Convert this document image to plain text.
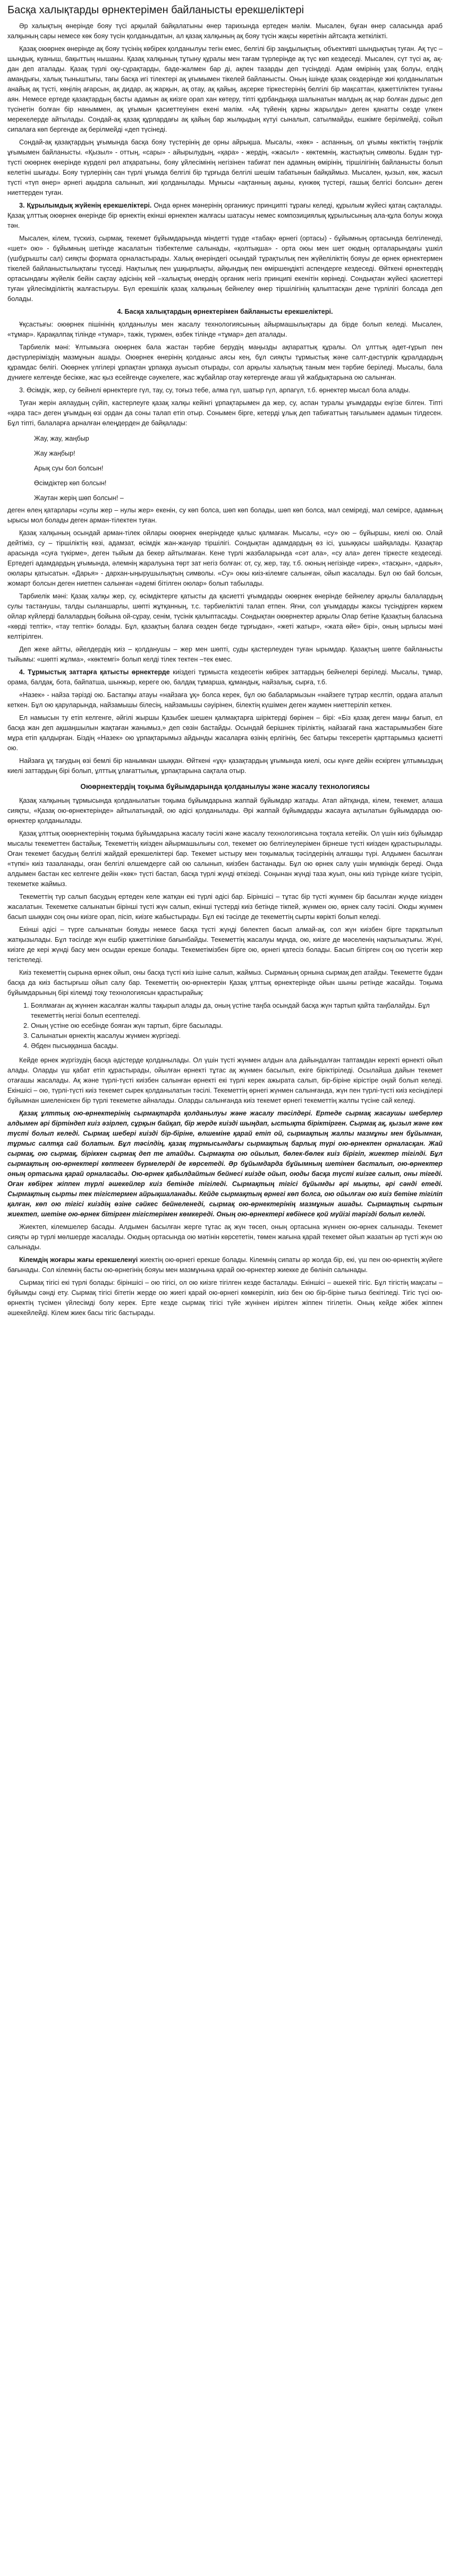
Басқа халықтарды өрнектерімен байланысты ерекшеліктері

Әр халықтың өнеріндe бояу түсі арқылай байқалатыны өнер тарихында ертеден мәлім. Мысален, бұған өнер саласында араб халқының сары немесе көк бояу түсін қолданыдатын, ал қазақ халқының ақ бояу түсін жақсы көретінін айтсақта жеткілікті.

Қазақ оюөрнек өнерінде ақ бояу түсінің көбірек қолданылуы тегін емес, белгілі бір заңдылықтың, объективті шындықтың туған. Ақ түс – шындық, куаныш, бақыттың нышаны. Қазақ халқының тұтыну құралы мен тағам түрлерінде ақ түс көп кездеседі. Мысален, сүт түсі ақ, ақ-дан деп аталады. Қазақ түрлі оқу-сұрақтарды, баде-жалмен бар ді, ақпен тазарды деп түсіндеді. Адам өмірінің ұзақ болуы, елдің амандығы, халық тыныштығы, тағы басқа игі тілектері ақ ұғымымен тікелей байланысты. Оның ішінде қазақ сөздерінде жиі қолданылатын анайық ақ түсті, көңілің ағарсын, ақ дидар, ақ жарқын, ақ отау, ақ қайың, ақсерке тіркестерінің белгілі бір мақсаттан, қажеттіліктен туғаны аян. Немесе ертеде қазақтардың басты адамын ақ киізге орап хан көтеру, тіпті құрбандыққа шалынатын малдың ақ нар болған дұрыс деп түсінетін болған бір наныммен, ақ ұғымын қасиеттеуінен екені мәлім. «Ақ түйенің қарны жарылды» деген қанатты сөзде үлкен мерекелерде айтылады. Сондай-ақ қазақ құрлардағы ақ қайың бар жылқыдың күтуі сыналып, сатылмайды, ешкімге берілмейді, сойып сипалаға көп бергенде ақ берілмейді «деп түсінеді.

Сондай-ақ қазақтардың ұғымында басқа бояу түстерінің де орны айрықша. Мысалы, «көк» - аспанның, ол ұғымы көктіктің тәңірлік ұғымымен байланысты. «Қызыл» - оттың, «сары» - айырылудың, «қара» - жердің, «жасыл» - көктемнің, жастықтың символы. Бұдан түр-түсті оюөрнек өнерінде күрделі рөл атқаратыны, бояу ұйлесімінің негізінен табиғат пен адамның өмірінің, тіршілігінің байланысты болып келетіні шығады. Бояу түрлерінің сан түрлі ұғымда белгілі бір тұрғыда белгілі шешім табатынын байқаймыз. Мысален, қызыл, көк, жасыл түсті «түп өнер» әрнегі ақыдрла салынып, жиі қолданылады. Мұнысы «ақтанның ақыны, күнжөқ түстері, ғашық белгісі болсын» деген ниеттерден туған.

3. Құрылымдық жүйенің ерекшеліктері. Онда өрнек мәнерінің органикус принциптi тұрағы келеді, құрылым жүйесі қатаң сақталады. Қазақ ұлттық оюөрнек өнерінде бір өрнектің екінші өрнекпен жалғасы шатасуы немес композициялық құрылысының ала-құла болуы жоққа тән.

Мысален, кілем, түскиіз, сырмақ, текемет бұйымдарында міндетті түрде «табақ» өрнегі (ортасы) - бұйымның ортасында белгіленеді, «шет» ою» - бұйымның шетінде жасалатын тізбектелме салынады, «қолтықша» - орта оюы мен шет оюдың орталарындағы ұшкiл (үшбұрышты сал) сияқты формата орналастырады. Халық өнерiндегі осындай тұрақтылық пен жүйелiлiктің бояуы дe өрнек өрнектермен тiкелей байланыстылықтағы түсседі. Нақтылық пен ұшқырлықты, айқындық пен өміршеңдікті аспендерге кездеседі. Өйткені өрнектердің ортасындағы жүйелiк бейiн сақтау әдісінің кей –халықтық өнердің органик негіз принципі екенітін көрінеді. Сондықтан жүйесі қасиеттерi туған ұйлесімділіктің жалғастыруы. Бүл ерекшілік қазақ халқының бейнелеу өнер тіршілiгінің қалыптасқан дене түрлілігі болсада деп болады.

4. Басқа халықтардың өрнектерімен байланысты ерекшеліктері.

Ұқсастығы: оюөрнек пішінінің қолданылуы мен жасалу технологиясының айырмашылықтары да бірде болып келеді. Мысален, «тұмар». Қарақалпақ тілінде «тумар», тажік, түркмен, өзбек тілінде «тұмар» деп аталады.

Тарбиелік мәні: Ұлтымызға оюөрнек бала жастан тәрбие берудің маңызды ақпараттық құралы. Ол ұлттық әдет-ғұрып пен дәстүрлерiмiздiң мазмұнын ашады. Оюөрнек өнерiнiң қолданыс аясы кең, бұл сияқты тұрмыстық және салт-дәстүрлiк құралдардың құрамдас бөлігі. Оюөрнек үлгiлері ұрпақтан ұрпаққа ауысып отырады, сол арқылы халықтық таным мен тәрбие берiледi. Мысалы, бала дүниеге келгенде бесiкке, жас қыз есейгенде сәукелеге, жас жұбайлар отау көтергенде ағаш үй жабдықтарына ою салынған.

3. Өсімдік, жер, су бейнелі өрнектерге гүл, тау, су, тоғыз тебе, алма гүл, шатыр гүл, арпагүл, т.б. өрнектер мысал бола алады.

Туған жерін аялаудың сүйіп, кастерлеуге қазақ халқы кейінгі ұрпақтарымен да жер, су, аспан туралы ұғымдарды еңгізе білген. Тіпті «қара тас» деген ұғымдың өзі ордан да соны талап етіп отыр. Сонымен бірге, кетерді ұлық деп табиғаттың тағылымен адамын тілдесен. Бұл тіпті, балаларға арналған өлеңдерден де байқалады:

Жау, жау, жаңбыр
Жау жаңбыр!
Арық суы бол болсын!
Өсімдіктер көп болсын!
Жаутан жерің шөп болсын! –

деген өлең қатарлары «сулы жер – нулы жер» екенін, су көп болса, шөп көп болады, шөп көп болса, мал семіреді, мал семірсе, адамның ырысы мол болады деген арман-тілектен туған.

Қазақ халқының осындай арман-тілек ойлары оюөрнек өнеріндеде қалыс қалмаған. Мысалы, «су» ою – бұйыршы, киелі ою. Олай дейтіміз, су – тіршіліктің көзі, адамзат, өсімдік жан-жануар тіршілігі. Сондықтан адамдардың өз ісі, ұшыққасы шайқалады. Қазақтар арасында «суға түкірме», деген тыйым да бекер айтылмаған. Кене түрлі жазбаларында «сәт ала», «су ала» деген тіркесте кездеседі. Ертедегі адамдардың ұғымында, әлемнің жаралуына төрт зат негіз болған: от, су, жер, тау, т.б. оюның негізінде «ирек», «тасқын», «дарья», оюлары қатысатын. «Дарья» - дархан-ыңырушылықтың символы. «Су» оюы киіз-кілемге салынған, ойып жасалады. Бұл ою бай болсын, жомарт болсын деген ниетпен салынған «әдемі бітілген оюлар» болып табылады.

Тарбиелік мәні: Қазақ халқы жер, су, өсімдіктерге қатысты да қасиетті ұғымдарды оюөрнек өнерінде бейнелеу арқылы балалардың сулы тастанушы, талды сыланшарлы, шөпті жұтқанның, т.с. тәрбиеліктілі талап етпен. Яғни, сол ұғымдарды жаксы түсіндірген көркем ойлар күйлерді балалардың бойына ой-сұрау, сенім, түсінік қалыптасады. Сондықтан оюөрнектер арқылы Олар бетіне Қазақтың баласына «көрді тептік», «тау тептік» болады. Бұл, қазақтың балаға сөзден бөгде тұрғыдан», «жеті жатыр», «жата өйе» бірі», оның ырлысы мәні келтірілген.

Деп жеке айтты, әйелдердің киіз – қолданушы – жер мен шөпті, суды қастерлеуден туған ырымдар. Қазақтың шөпге байланысты тыйымы: «шөпті жұлма», «көктемгі» болып келді тілек тектен –тек емес.

4. Тұрмыстық заттарға қатысты өрнектерде киіздегі тұрмыста кездесетін көбірек заттардың бейнелері беріледі. Мысалы, тұмар, орама, балдақ, бота, байпатша, шынжыр, керегe ою, балдақ тұмарша, құмандық, найзалық, сырға, т.б.

«Назек» - найза тәрізді ою. Бастапқы атауы «найзаға ұқ» болса керек, бұл ою бабалармызын «найзеге тұтрар кеслтіп, ордаға аталып кеткен. Бұл ою қаруларында, найзамышы білесің, найзамышы сәуірінен, білектің күшімен деген жаумен ниеттеріліп кеткен.

Ел намысын ту етіп келгенге, әйгілі жыршы Қазыбек шешен қалмақтарға шіріктерді бөрінен – бірі: «Біз қазақ деген маңы бағып, ел басқа жан деп ақшаңшылын жақтаған жанымыз,» деп сөзін бастайды. Осындай берішнек тіріліктің, найзағай ғана жастарымызбен бізге мұра етіп қалдырған. Біздің «Назек» ою ұрпақтарымыз айдынды жасаларға өзінің ерлігінің, бес батыры тексеретін қарттарымыз қасиетті ою.

Найзаға ұқ тағудың өзі бемлі бір нанымнан шыққан. Өйткені «ұқ» қазақтардың ұғымында киелі, осы күнге дейін ескірген ұлтымыздың киелі заттардың бірі болып, ұлттық ұлағаттылық, ұрпақтарына сақтала отыр.

Оюөрнектердің тоқыма бұйымдарында қолданылуы және жасалу технологиясы

Қазақ халқының тұрмысында қолданылатын тоқыма бұйымдарына жаппай бұйымдар жатады. Атап айтқанда, кілем, текемет, алаша сияқты, «Қазақ ою-өрнектерінде» айтылатындай, ою әдісі қолданылады. Әрі жаппай бұйымдарды жасауға ақтылатын бұйымдарда ою-өрнектер қолданылады.

Қазақ ұлттық оюөрнектерінің тоқыма бұйымдарына жасалу тәсілі және жасалу технологиясына тоқтала кетейік. Ол үшін киіз бұйымдар мысалы текеметтен бастайық. Текеметтің киізден айырмашылығы сол, текемет ою белгілеулерімен бірнеше түсті киізден құрастырылады. Оған текемет басудың белгілі жайдай ерекшеліктері бар. Текемет ыстыру мен тоқымалық тәсілдерінің алғашқы түрі. Алдымен басылған «түпкі» киіз тазаланады, оған белгілі өлшемдерге сай ою салынып, киізбен бастанады. Бұл ою өрнек салу үшін мүмкіндік береді. Онда алдымен бастан кес келгенге дейін «көк» түсті бастап, басқа түрлі жүнді өткізеді. Соңынан жүнді таза жуып, оны киіз түрінде киізге түсіріп, текеметке жаймыз.

Текеметтің түр салып басудың ертеден келе жатқан екі түрлі әдісі бар. Біріншісі – тұтас бір түсті жүнмен бір басылған жүнде киізден жасалатын. Текеметке салынатын бірінші түсті жүн салып, екінші түстерді киіз бетінде тікпей, жүнмен ою, өрнек салу тәсілі. Оюды жүнмен басып шыққан соң оны киізге орап, пісіп, киізге жабыстырады. Бұл екі тәсілде де текеметтің сырты көрікті болып келеді.

Екінші әдісі – түрге салынатын бояуды немесе басқа түсті жүнді бөлектеп басып алмай-ақ, сол жүн киізбен бірге тарқатылып жатқызылады. Бұл тәсілде жүн ешбір қажеттілікке бағынбайды. Текеметтің жасалуы мұнда, ою, киізге де мәселенің нақтылықтығы. Жүні, киізге де кері жүнді басу мен осыдан ерекше болады. Текеметімізбен бірге ою, өрнегі қатесіз болады. Басып бітірген соң ою түсетін жер тегістеледі.

Киіз текеметтің сырына өрнек ойып, оны басқа түсті киіз ішіне салып, жаймыз. Сырманың орнына сырмақ деп атайды. Текеметте бұдан басқа да киіз бастырғыш ойып салу бар. Текеметтің ою-өрнектерін Қазақ ұлттық өрнектерінде ойын шыны ретінде жасайды. Тоқыма бұйымдарының бірі кілемді тоқу технологиясын қарастырайық:

1. Боялмаған ақ жүннен жасалған жалпы тақырып алады да, оның үстіне таңба осындай басқа жүн тартып қайта таңбалайды. Бұл текеметтің негізі болып есептеледі.
2. Оның үстіне ою есебінде бояған жүн тартып, бірге басылады.
3. Салынатын өрнектің жасалуы жүнмен жүргізеді.
4. Әбден пысыққанша басады.

Кейде өрнек жүргізудің басқа әдістерде қолданылады. Ол үшін түсті жүнмен алдын ала дайындалған таптамдан керекті өрнекті ойып алады. Оларды үш қабат етіп құрастырады, ойылған өрнекті тұтас ақ жүнмен басылып, екіге біріктіріледі. Осылайша дайын текемет отағашы жасалады. Ақ және түрлі-түсті киізбен салынған өрнекті екі түрлі керек ажырата салып, бір-біріне кірістіре оңай болып келеді. Екіншісі – ою, түрлі-түсті киіз текемет сырек қолданылатын тәсілі. Текеметтің өрнегі жүнмен салынғанда, жүн пен түрлі-түсті киіз кесінділері бұйымнан шиеленіскен бір түрлі текеметке айналады. Оларды салынғанда киіз текемет өрнегі текеметтің жалпы түсіне сай келеді.

Қазақ ұлттық ою-өрнектерінің сырмақтарда қолданылуы және жасалу тәсілдері. Ертеде сырмақ жасаушы шеберлер алдымен әрі біртіндеп киіз әзірлеп, сұрқын байқап, бір жерде киізді шыңдап, ыстықта біріктірген. Сырмақ ақ, қызыл және көк түсті болып келеді. Сырмақ шебері киізді бір-біріне, өлшеміне қарай етіп ой, сырмақтың жалпы мазмұны мен бұйымнан, тұрмыс салтқа сай болатын. Бұл тәсілдің, қазақ тұрмысындағы сырмақтың барлық түрі ою-өрнекпен орналасқан. Жай сырмақ, ою сырмақ, біріккен сырмақ деп те атайды. Сырмақта ою ойылып, бөлек-бөлек киіз бірігіп, жиектер тігілді. Бұл сырмақтың ою-өрнектері көптеген бүрмелерді де көрсетеді. Әр бұйымдарда бұйымның шетінен басталып, ою-өрнектер оның ортасына қарай орналасады. Ою-өрнек қабылдайтын бейнесі киізде ойып, оюды басқа түсті киізге салып, оны тігеді. Оған көбірек жіппен түрлі әшекейлер киіз бетінде тігіледі. Сырмақтың тігісі бұйымды әрі мықты, әрі сәнді етеді. Сырмақтың сырты тек тігістермен айрықшаланады. Кейде сырмақтың өрнегі көп болса, ою ойылған ою киіз бетіне тігіліп қалған, көп ою тігісі киіздің өзіне сәйкес бейнеленеді, сырмақ ою-өрнектерінің мазмұнын ашады. Сырмақтың сыртын жиектеп, шетіне ою-өрнек бітірген тігістерімен көмкереді. Оның ою-өрнектері көбінесе қой мүйізі тәрізді болып келеді.

Жиектеп, кілемшелер басады. Алдымен басылған жерге тұтас ақ жүн төсеп, оның ортасына жүннен ою-өрнек салынады. Текемет сияқты әр түрлі мөлшерде жасалады. Оюдың ортасында ою мәтінін көрсететін, төмен жағына қарай текемет ойып жазатын әр түсті жүн ою салынады.

Кілемдің жоғары жағы ерекшеленуі жиектің ою-өрнегі ерекше болады. Кілемнің сипаты әр жолда бір, екі, үш пен ою-өрнектің жүйеге бағынады. Сол кілемнің басты ою-өрнегінің бояуы мен мазмұнына қарай ою-өрнектер жиекке де бөлініп салынады.

Сырмақ тігісі екі түрлі болады: біріншісі – ою тігісі, ол ою киізге тігілген кезде басталады. Екіншісі – әшекей тігіс. Бұл тігістің мақсаты – бұйымды сәнді ету. Сырмақ тігісі бітетін жерде ою жиегі қарай ою-өрнегі көмкеріліп, киіз бен ою бір-біріне тығыз бекітіледі. Тігіс түсі ою-өрнектің түсімен үйлесімді болу керек. Ерте кезде сырмақ тігісі түйе жүнінен иірілген жіппен тігілетін. Оның кейде жібек жіппен әшекейлейді. Кілем жиек басы тігіс бастырады.
